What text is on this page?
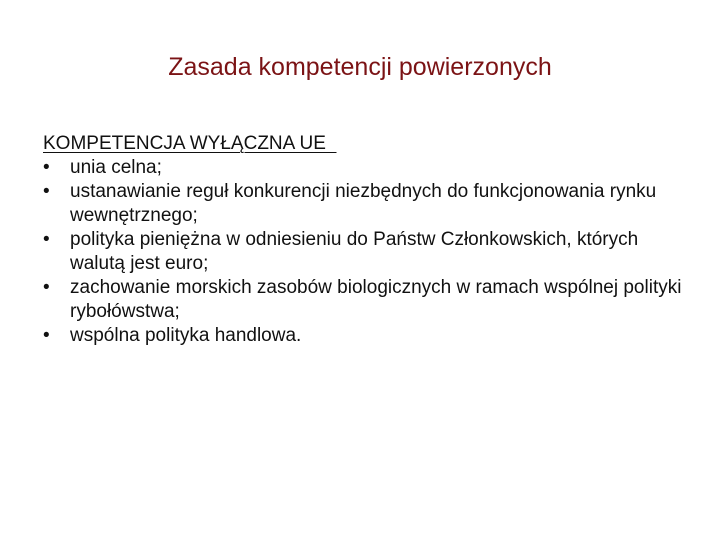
Zasada kompetencji powierzonych
KOMPETENCJA WYŁĄCZNA UE
• unia celna;
• ustanawianie reguł konkurencji niezbędnych do funkcjonowania rynku wewnętrznego;
• polityka pieniężna w odniesieniu do Państw Członkowskich, których walutą jest euro;
• zachowanie morskich zasobów biologicznych w ramach wspólnej polityki rybołówstwa;
• wspólna polityka handlowa.
